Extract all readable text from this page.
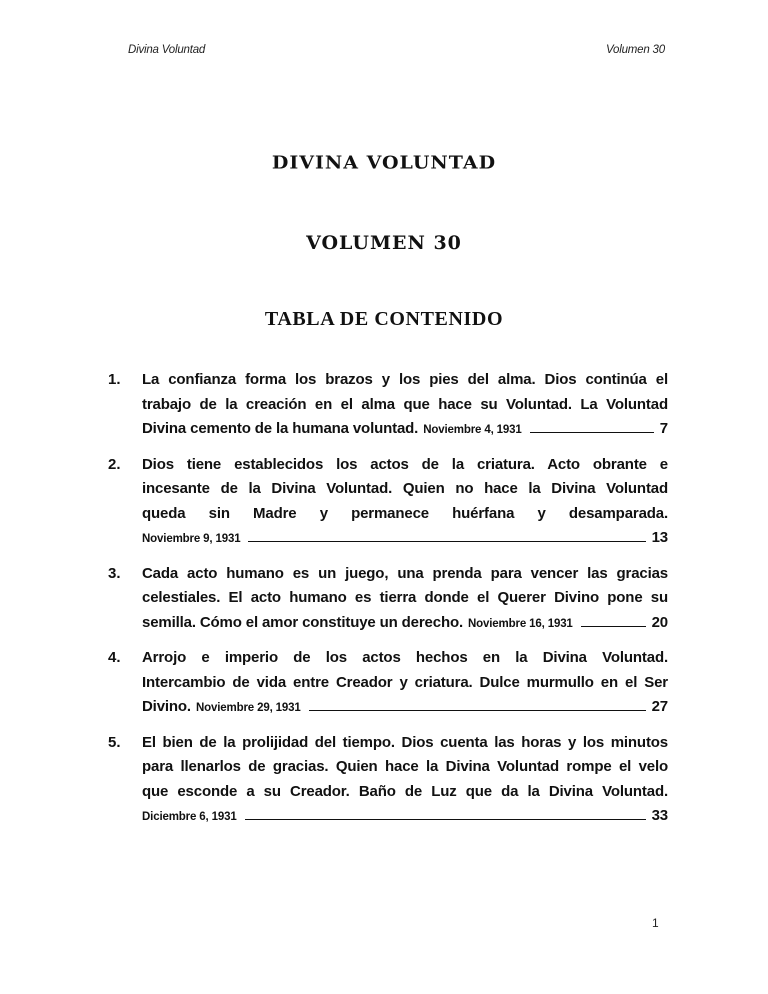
Divina Voluntad	Volumen 30
DIVINA VOLUNTAD
VOLUMEN 30
TABLA DE CONTENIDO
1. La confianza forma los brazos y los pies del alma. Dios continúa el
trabajo de la creación en el alma que hace su Voluntad. La Voluntad
Divina cemento de la humana voluntad. Noviembre 4, 1931	7
2. Dios tiene establecidos los actos de la criatura. Acto obrante e
incesante de la Divina Voluntad. Quien no hace la Divina Voluntad
queda sin Madre y permanece huérfana y desamparada.
Noviembre 9, 1931	13
3. Cada acto humano es un juego, una prenda para vencer las gracias
celestiales. El acto humano es tierra donde el Querer Divino pone su
semilla. Cómo el amor constituye un derecho. Noviembre 16, 1931	20
4. Arrojo e imperio de los actos hechos en la Divina Voluntad.
Intercambio de vida entre Creador y criatura. Dulce murmullo en el Ser
Divino. Noviembre 29, 1931	27
5. El bien de la prolijidad del tiempo. Dios cuenta las horas y los minutos
para llenarlos de gracias. Quien hace la Divina Voluntad rompe el velo
que esconde a su Creador. Baño de Luz que da la Divina Voluntad.
Diciembre 6, 1931	33
1
